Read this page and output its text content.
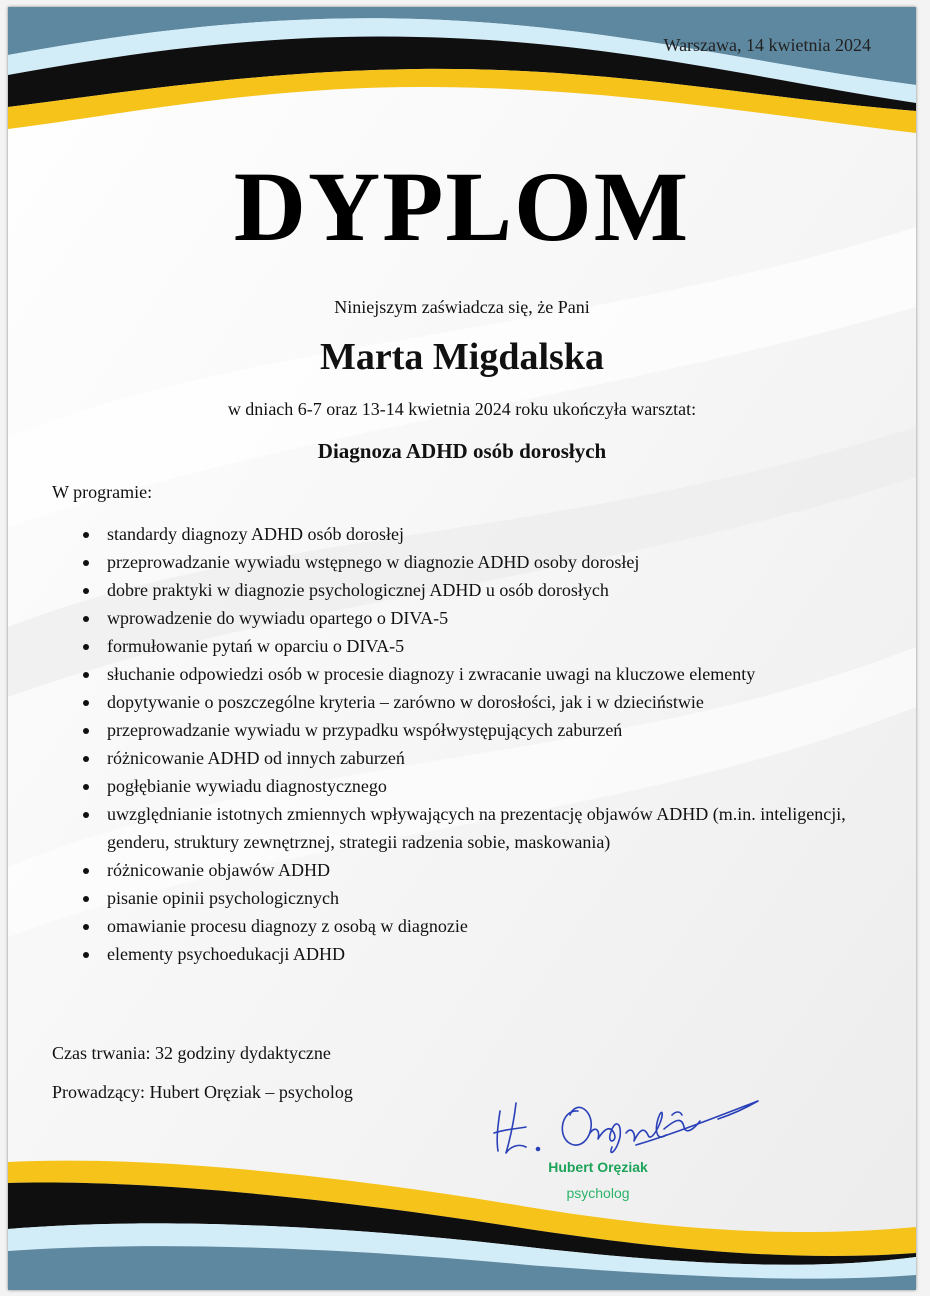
Warszawa, 14 kwietnia 2024

DYPLOM

Niniejszym zaświadcza się, że Pani

Marta Migdalska

w dniach 6-7 oraz 13-14 kwietnia 2024 roku ukończyła warsztat:

Diagnoza ADHD osób dorosłych

W programie:

standardy diagnozy ADHD osób dorosłej
przeprowadzanie wywiadu wstępnego w diagnozie ADHD osoby dorosłej
dobre praktyki w diagnozie psychologicznej ADHD u osób dorosłych
wprowadzenie do wywiadu opartego o DIVA-5
formułowanie pytań w oparciu o DIVA-5
słuchanie odpowiedzi osób w procesie diagnozy i zwracanie uwagi na kluczowe elementy
dopytywanie o poszczególne kryteria – zarówno w dorosłości, jak i w dzieciństwie
przeprowadzanie wywiadu w przypadku współwystępujących zaburzeń
różnicowanie ADHD od innych zaburzeń
pogłębianie wywiadu diagnostycznego
uwzględnianie istotnych zmiennych wpływających na prezentację objawów ADHD (m.in. inteligencji, genderu, struktury zewnętrznej, strategii radzenia sobie, maskowania)
różnicowanie objawów ADHD
pisanie opinii psychologicznych
omawianie procesu diagnozy z osobą w diagnozie
elementy psychoedukacji ADHD

Czas trwania: 32 godziny dydaktyczne

Prowadzący: Hubert Oręziak – psycholog

Hubert Oręziak

psycholog
